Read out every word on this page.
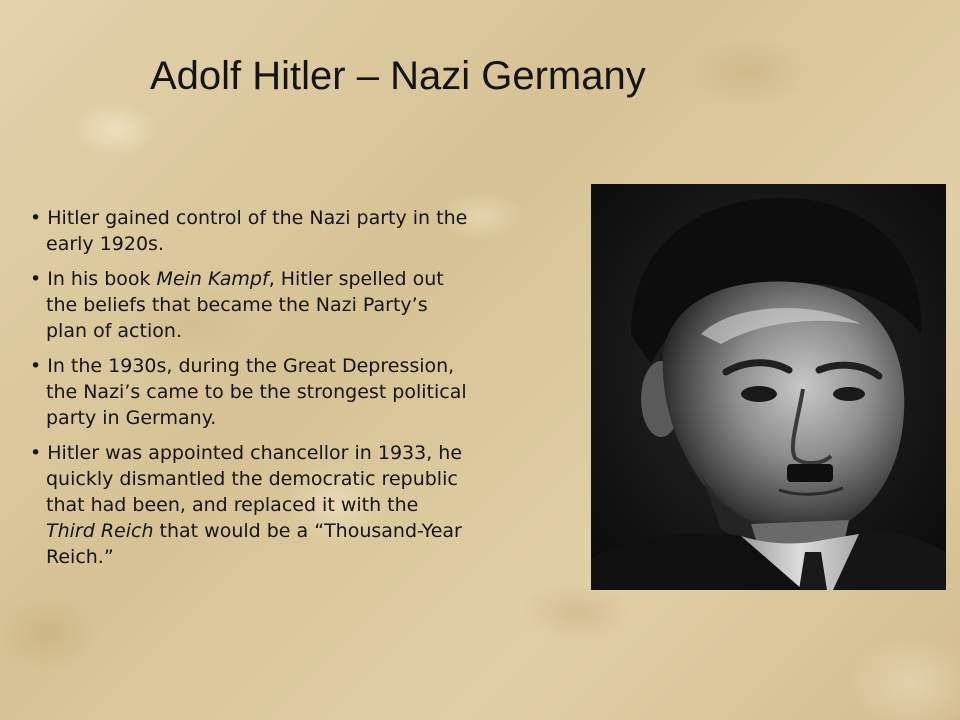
Adolf Hitler – Nazi Germany
• Hitler gained control of the Nazi party in the early 1920s.
• In his book Mein Kampf, Hitler spelled out the beliefs that became the Nazi Party’s plan of action.
• In the 1930s, during the Great Depression, the Nazi’s came to be the strongest political party in Germany.
• Hitler was appointed chancellor in 1933, he quickly dismantled the democratic republic that had been, and replaced it with the Third Reich that would be a “Thousand-Year Reich.”
